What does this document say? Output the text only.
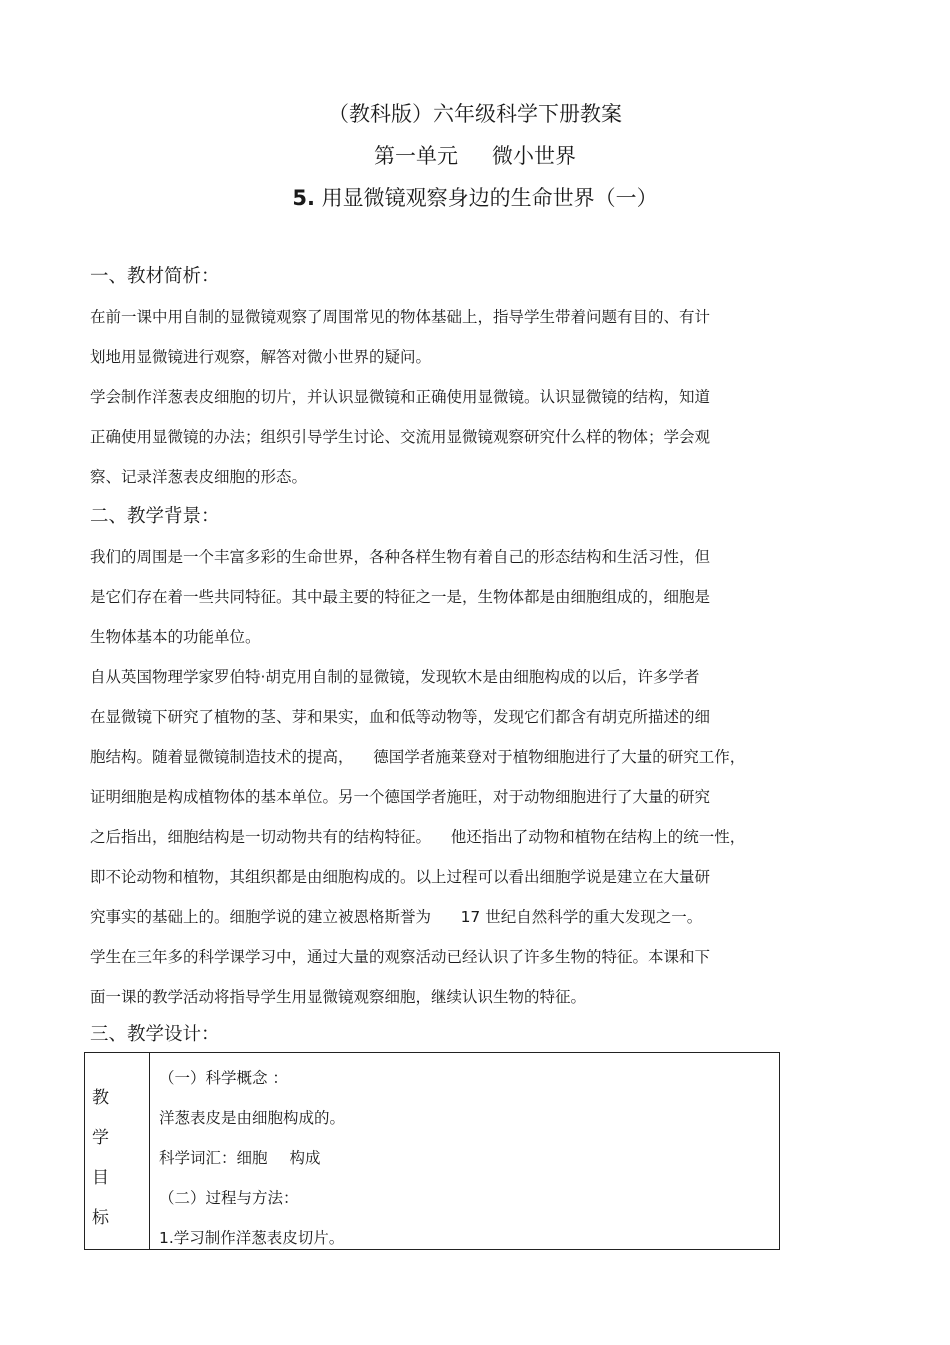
（教科版）六年级科学下册教案
第一单元 微小世界
5. 用显微镜观察身边的生命世界（一）
一、教材简析：
在前一课中用自制的显微镜观察了周围常见的物体基础上，指导学生带着问题有目的、有计
划地用显微镜进行观察，解答对微小世界的疑问。
学会制作洋葱表皮细胞的切片，并认识显微镜和正确使用显微镜。认识显微镜的结构，知道
正确使用显微镜的办法；组织引导学生讨论、交流用显微镜观察研究什么样的物体；学会观
察、记录洋葱表皮细胞的形态。
二、教学背景：
我们的周围是一个丰富多彩的生命世界，各种各样生物有着自己的形态结构和生活习性，但
是它们存在着一些共同特征。其中最主要的特征之一是，生物体都是由细胞组成的，细胞是
生物体基本的功能单位。
自从英国物理学家罗伯特·胡克用自制的显微镜，发现软木是由细胞构成的以后，许多学者
在显微镜下研究了植物的茎、芽和果实，血和低等动物等，发现它们都含有胡克所描述的细
胞结构。随着显微镜制造技术的提高，    德国学者施莱登对于植物细胞进行了大量的研究工作，
证明细胞是构成植物体的基本单位。另一个德国学者施旺，对于动物细胞进行了大量的研究
之后指出，细胞结构是一切动物共有的结构特征。    他还指出了动物和植物在结构上的统一性，
即不论动物和植物，其组织都是由细胞构成的。以上过程可以看出细胞学说是建立在大量研
究事实的基础上的。细胞学说的建立被恩格斯誉为      17 世纪自然科学的重大发现之一。
学生在三年多的科学课学习中，通过大量的观察活动已经认识了许多生物的特征。本课和下
面一课的教学活动将指导学生用显微镜观察细胞，继续认识生物的特征。
三、教学设计：
教
学
目
标
（一）科学概念 ：
洋葱表皮是由细胞构成的。
科学词汇：细胞 构成
（二）过程与方法：
1.学习制作洋葱表皮切片。
